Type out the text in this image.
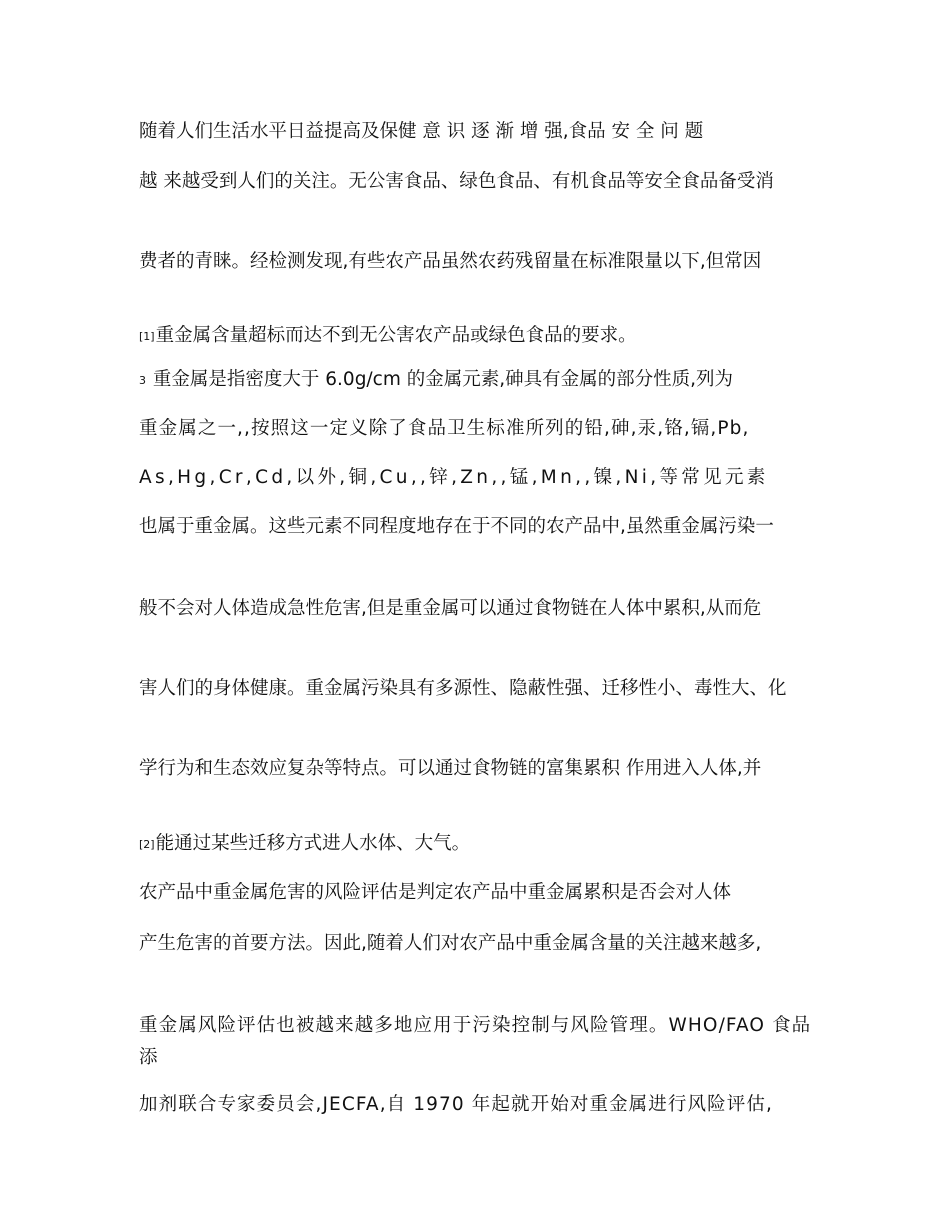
随着人们生活水平日益提高及保健 意 识 逐 渐 增 强,食品 安 全 问 题
越 来越受到人们的关注。无公害食品、绿色食品、有机食品等安全食品备受消
费者的青睐。经检测发现,有些农产品虽然农药残留量在标准限量以下,但常因
[1]重金属含量超标而达不到无公害农产品或绿色食品的要求。
3 重金属是指密度大于 6.0g/cm 的金属元素,砷具有金属的部分性质,列为
重金属之一,,按照这一定义除了食品卫生标准所列的铅,砷,汞,铬,镉,Pb,
As,Hg,Cr,Cd,以外,铜,Cu,,锌,Zn,,锰,Mn,,镍,Ni,等常见元素
也属于重金属。这些元素不同程度地存在于不同的农产品中,虽然重金属污染一
般不会对人体造成急性危害,但是重金属可以通过食物链在人体中累积,从而危
害人们的身体健康。重金属污染具有多源性、隐蔽性强、迁移性小、毒性大、化
学行为和生态效应复杂等特点。可以通过食物链的富集累积 作用进入人体,并
[2]能通过某些迁移方式进人水体、大气。
农产品中重金属危害的风险评估是判定农产品中重金属累积是否会对人体
产生危害的首要方法。因此,随着人们对农产品中重金属含量的关注越来越多,
重金属风险评估也被越来越多地应用于污染控制与风险管理。WHO/FAO 食品添
加剂联合专家委员会,JECFA,自 1970 年起就开始对重金属进行风险评估,
